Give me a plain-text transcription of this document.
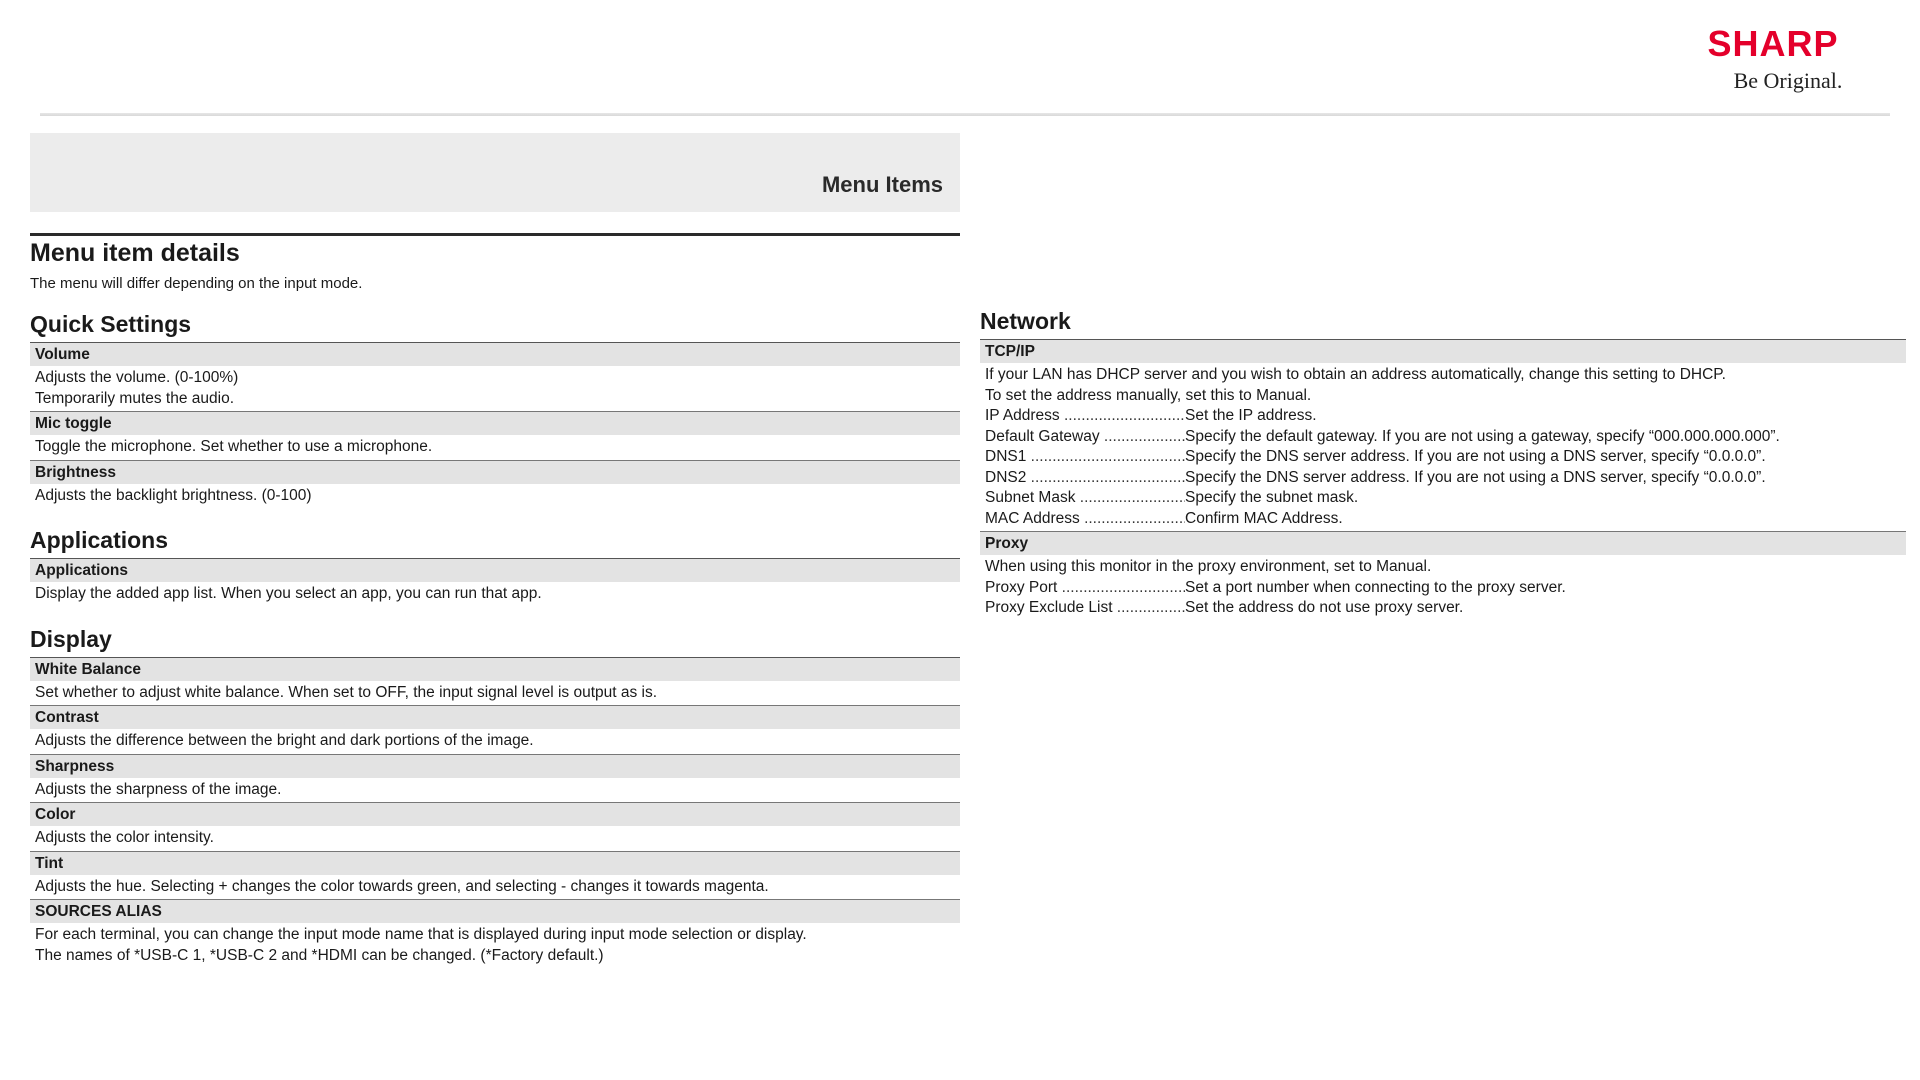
SHARP
Be Original.
Menu Items
Menu item details

The menu will differ depending on the input mode.

Quick Settings
Volume
Adjusts the volume. (0-100%)
Temporarily mutes the audio.
Mic toggle
Toggle the microphone. Set whether to use a microphone.
Brightness
Adjusts the backlight brightness. (0-100)
Applications
Applications
Display the added app list. When you select an app, you can run that app.
Display
White Balance
Set whether to adjust white balance. When set to OFF, the input signal level is output as is.
Contrast
Adjusts the difference between the bright and dark portions of the image.
Sharpness
Adjusts the sharpness of the image.
Color
Adjusts the color intensity.
Tint
Adjusts the hue. Selecting + changes the color towards green, and selecting - changes it towards magenta.
SOURCES ALIAS
For each terminal, you can change the input mode name that is displayed during input mode selection or display.
The names of *USB-C 1, *USB-C 2 and *HDMI can be changed. (*Factory default.)
Network
TCP/IP
If your LAN has DHCP server and you wish to obtain an address automatically, change this setting to DHCP.
To set the address manually, set this to Manual.
IP Address .....	Set the IP address.
Default Gateway .....	Specify the default gateway. If you are not using a gateway, specify “000.000.000.000”.
DNS1 .....	Specify the DNS server address. If you are not using a DNS server, specify “0.0.0.0”.
DNS2 .....	Specify the DNS server address. If you are not using a DNS server, specify “0.0.0.0”.
Subnet Mask .....	Specify the subnet mask.
MAC Address .....	Confirm MAC Address.
Proxy
When using this monitor in the proxy environment, set to Manual.
Proxy Port .....	Set a port number when connecting to the proxy server.
Proxy Exclude List .....	Set the address do not use proxy server.
